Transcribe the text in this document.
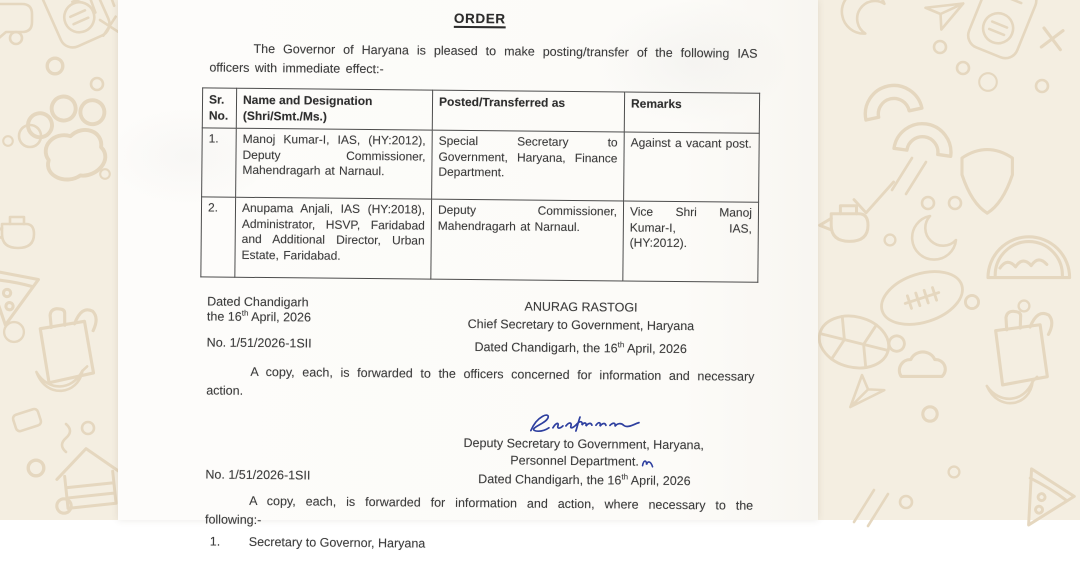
ORDER

The Governor of Haryana is pleased to make posting/transfer of the following IAS officers with immediate effect:-

Sr. No.	Name and Designation (Shri/Smt./Ms.)	Posted/Transferred as	Remarks
1.	Manoj Kumar-I, IAS, (HY:2012), Deputy Commissioner, Mahendragarh at Narnaul.	Special Secretary to Government, Haryana, Finance Department.	Against a vacant post.
2.	Anupama Anjali, IAS (HY:2018), Administrator, HSVP, Faridabad and Additional Director, Urban Estate, Faridabad.	Deputy Commissioner, Mahendragarh at Narnaul.	Vice Shri Manoj Kumar-I, IAS, (HY:2012).
Dated Chandigarh
the 16th April, 2026
ANURAG RASTOGI
Chief Secretary to Government, Haryana
No. 1/51/2026-1SII	Dated Chandigarh, the 16th April, 2026

A copy, each, is forwarded to the officers concerned for information and necessary action.

Deputy Secretary to Government, Haryana,
Personnel Department.
No. 1/51/2026-1SII	Dated Chandigarh, the 16th April, 2026

A copy, each, is forwarded for information and action, where necessary to the following:-

1.	Secretary to Governor, Haryana
